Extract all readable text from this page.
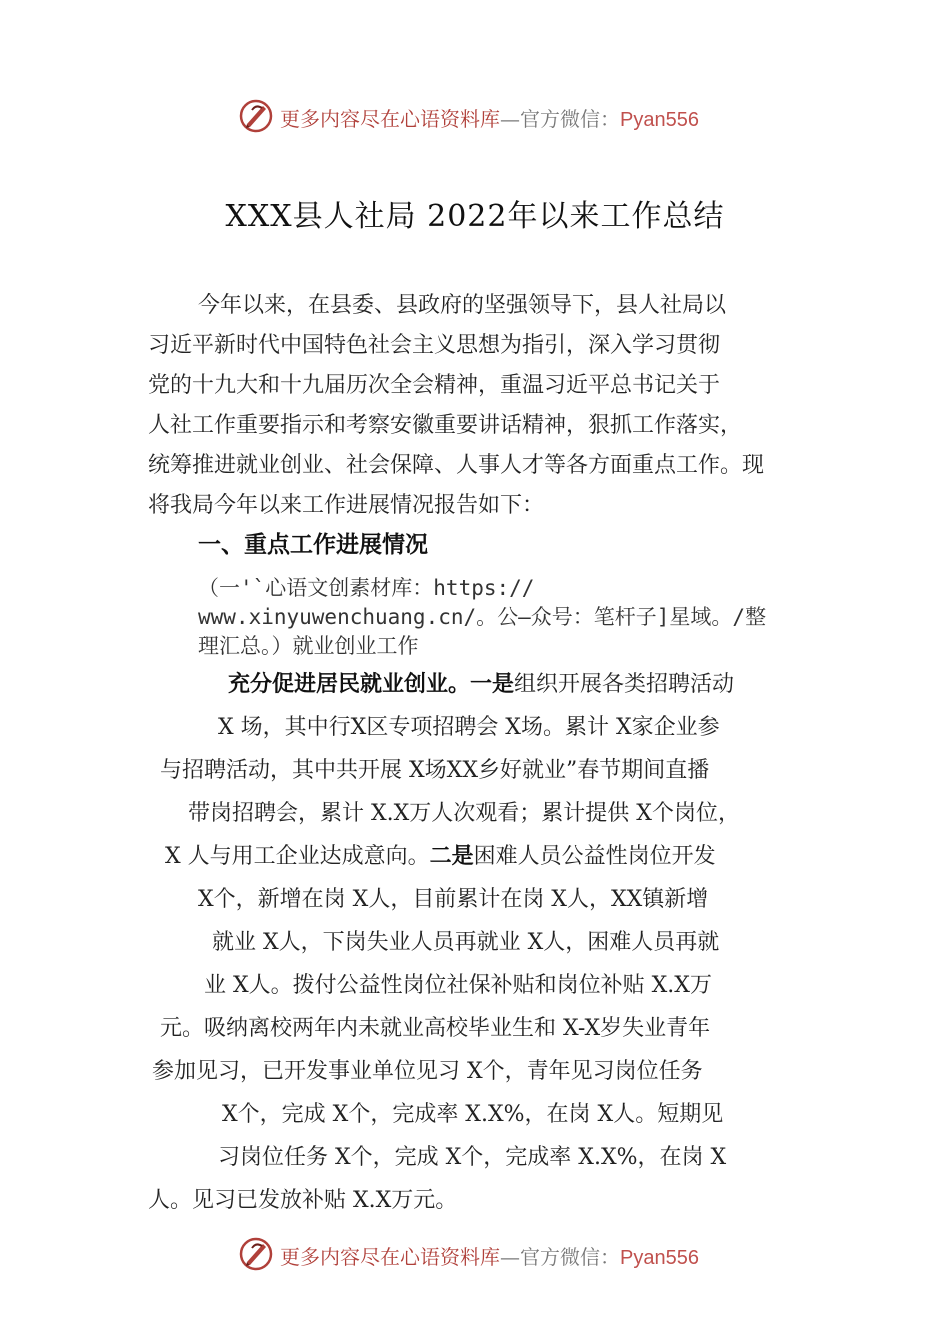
更多内容尽在心语资料库—官方微信：Pyan556
XXX县人社局 2022年以来工作总结
今年以来，在县委、县政府的坚强领导下，县人社局以
习近平新时代中国特色社会主义思想为指引，深入学习贯彻
党的十九大和十九届历次全会精神，重温习近平总书记关于
人社工作重要指示和考察安徽重要讲话精神，狠抓工作落实，
统筹推进就业创业、社会保障、人事人才等各方面重点工作。现
将我局今年以来工作进展情况报告如下：
一、重点工作进展情况
（一'`心语文创素材库：https://
www.xinyuwenchuang.cn/。公—众号：笔杆子]星域。/整
理汇总。）就业创业工作
充分促进居民就业创业。一是组织开展各类招聘活动
X 场，其中行X区专项招聘会 X场。累计 X家企业参
与招聘活动，其中共开展 X场XX乡好就业”春节期间直播
带岗招聘会，累计 X.X万人次观看；累计提供 X个岗位，
X 人与用工企业达成意向。二是困难人员公益性岗位开发
X个，新增在岗 X人，目前累计在岗 X人，XX镇新增
就业 X人，下岗失业人员再就业 X人，困难人员再就
业 X人。拨付公益性岗位社保补贴和岗位补贴 X.X万
元。吸纳离校两年内未就业高校毕业生和 X-X岁失业青年
参加见习，已开发事业单位见习 X个，青年见习岗位任务
X个，完成 X个，完成率 X.X%，在岗 X人。短期见
习岗位任务 X个，完成 X个，完成率 X.X%，在岗 X
人。见习已发放补贴 X.X万元。
更多内容尽在心语资料库—官方微信：Pyan556
